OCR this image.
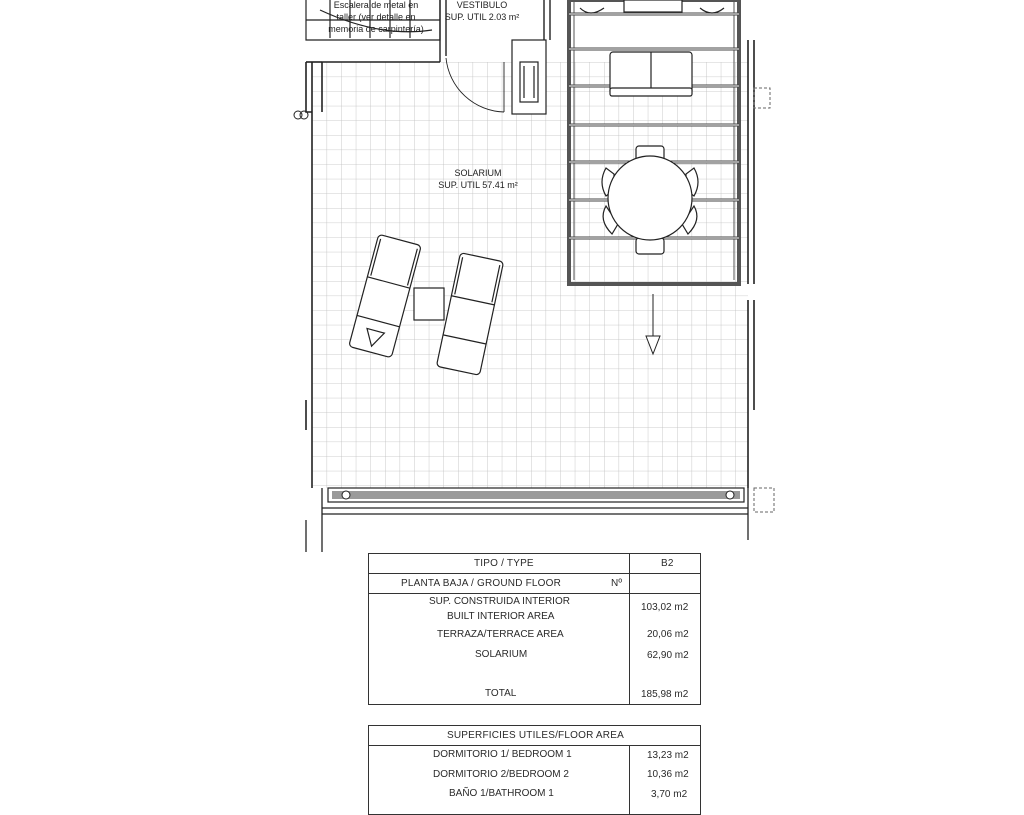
Escalera de metal en
taller (ver detalle en
memoria de carpintería)
VESTIBULO
SUP. UTIL 2.03 m²
SOLARIUM
SUP. UTIL 57.41 m²
TIPO / TYPE	B2
PLANTA BAJA / GROUND FLOOR	Nº
SUP. CONSTRUIDA INTERIOR
BUILT INTERIOR AREA
103,02 m2
TERRAZA/TERRACE AREA	20,06 m2
SOLARIUM	62,90 m2
TOTAL	185,98 m2
SUPERFICIES UTILES/FLOOR AREA
DORMITORIO 1/ BEDROOM 1	13,23 m2
DORMITORIO 2/BEDROOM 2	10,36 m2
BAÑO 1/BATHROOM 1	3,70 m2
